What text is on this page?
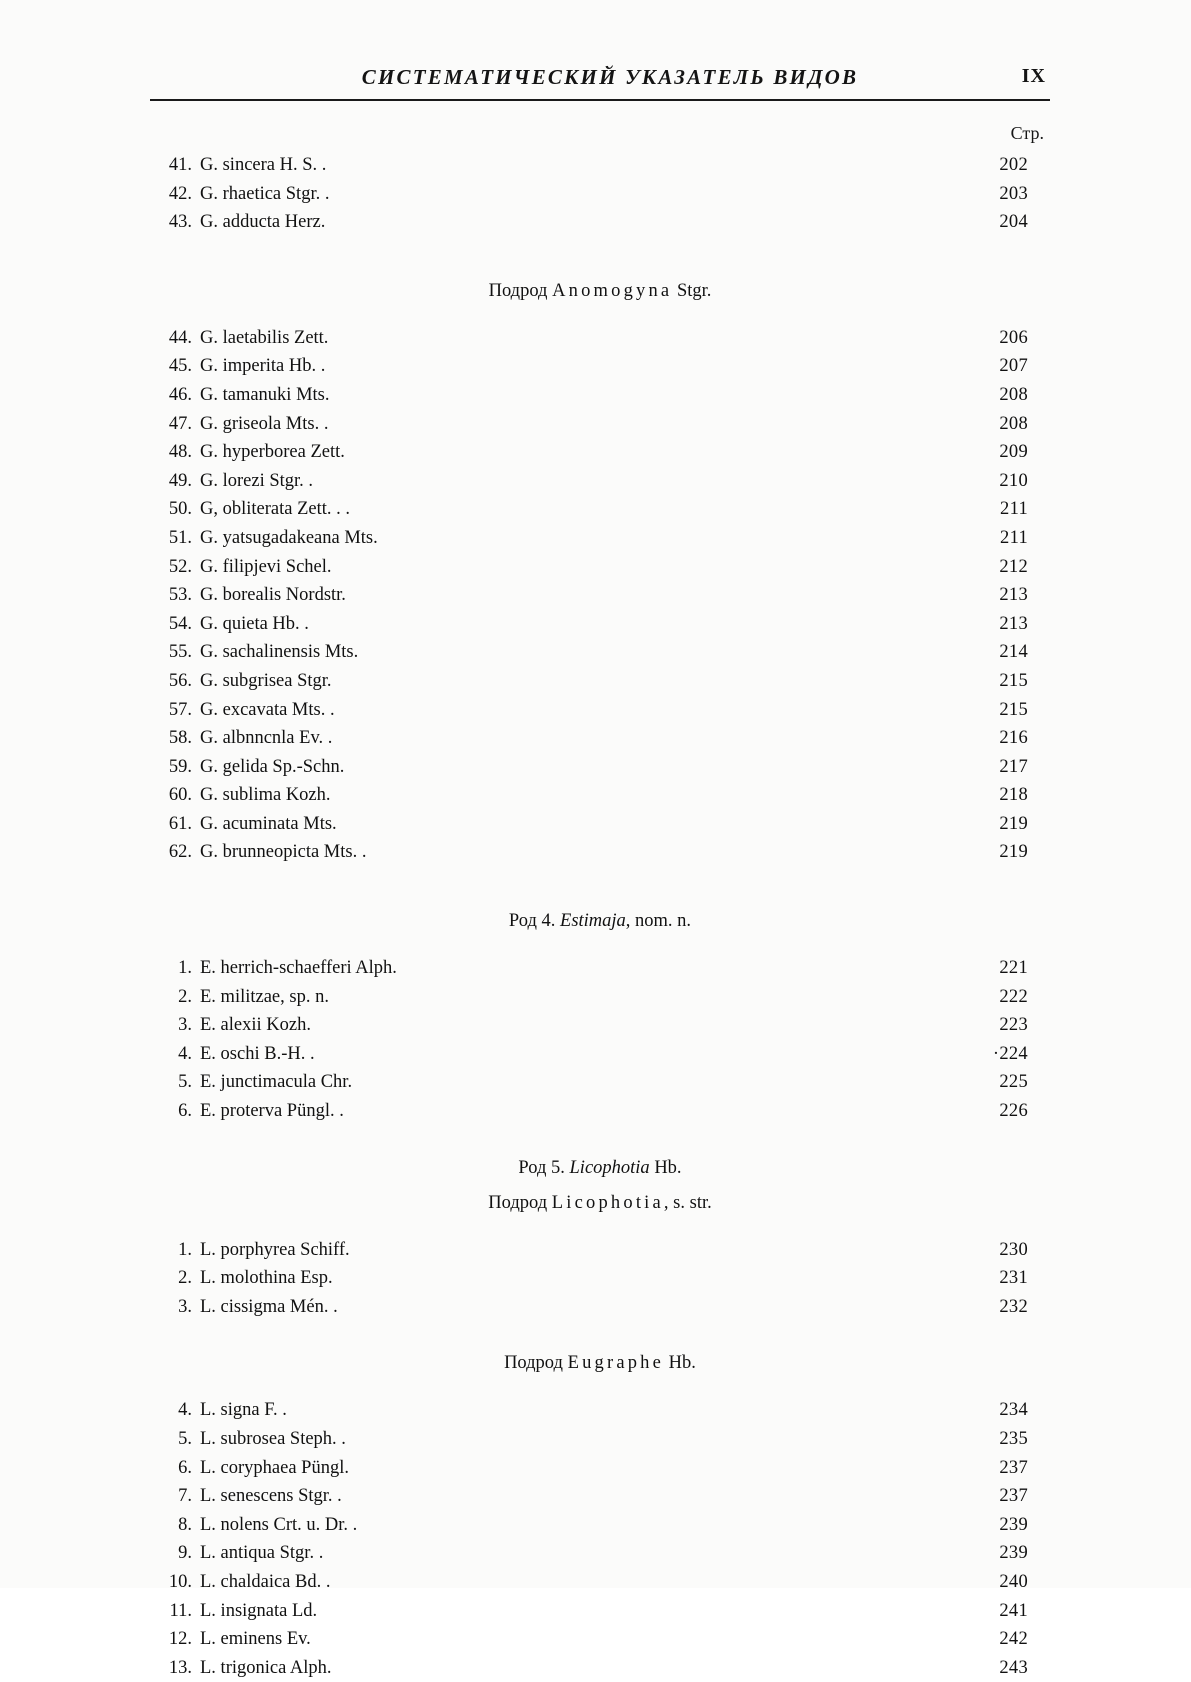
СИСТЕМАТИЧЕСКИЙ УКАЗАТЕЛЬ ВИДОВ	IX
Стр.
41. G. sincera H. S. .	202
42. G. rhaetica Stgr. .	203
43. G. adducta Herz.	204
Подрод Anomogyna Stgr.
44. G. laetabilis Zett.	206
45. G. imperita Hb. .	207
46. G. tamanuki Mts.	208
47. G. griseola Mts. .	208
48. G. hyperborea Zett.	209
49. G. lorezi Stgr. .	210
50. G, obliterata Zett. . .	211
51. G. yatsugadakeana Mts.	211
52. G. filipjevi Schel.	212
53. G. borealis Nordstr.	213
54. G. quieta Hb. .	213
55. G. sachalinensis Mts.	214
56. G. subgrisea Stgr.	215
57. G. excavata Mts. .	215
58. G. albnncnla Ev. .	216
59. G. gelida Sp.-Schn.	217
60. G. sublima Kozh.	218
61. G. acuminata Mts.	219
62. G. brunneopicta Mts. .	219
Род 4. Estimaja, nom. n.
1. E. herrich-schaefferi Alph.	221
2. E. militzae, sp. n.	222
3. E. alexii Kozh.	223
4. E. oschi B.-H. .	·224
5. E. junctimacula Chr.	225
6. E. proterva Püngl. .	226
Род 5. Licophotia Hb.
Подрод Licophotia, s. str.
1. L. porphyrea Schiff.	230
2. L. molothina Esp.	231
3. L. cissigma Mén. .	232
Подрод Eugraphe Hb.
4. L. signa F. .	234
5. L. subrosea Steph. .	235
6. L. coryphaea Püngl.	237
7. L. senescens Stgr. .	237
8. L. nolens Crt. u. Dr. .	239
9. L. antiqua Stgr. .	239
10. L. chaldaica Bd. .	240
11. L. insignata Ld.	241
12. L. eminens Ev.	242
13. L. trigonica Alph.	243
